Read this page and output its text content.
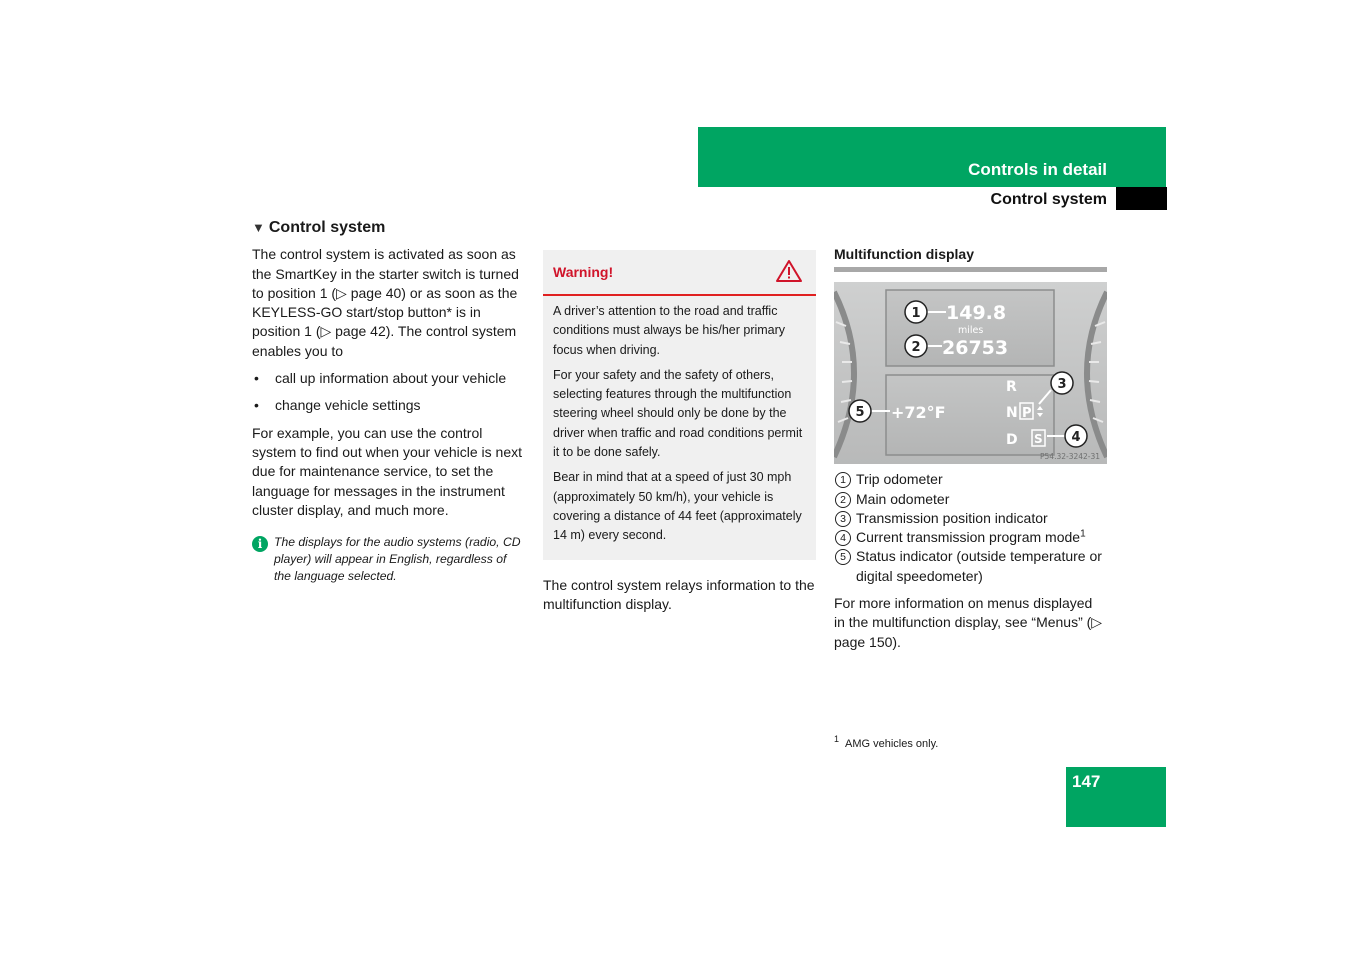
Controls in detail
Control system
▼ Control system

The control system is activated as soon as the SmartKey in the starter switch is turned to position 1 (▷ page 40) or as soon as the KEYLESS-GO start/stop button* is in position 1 (▷ page 42). The control system enables you to

• call up information about your vehicle
• change vehicle settings

For example, you can use the control system to find out when your vehicle is next due for maintenance service, to set the language for messages in the instrument cluster display, and much more.

i The displays for the audio systems (radio, CD player) will appear in English, regardless of the language selected.
Warning!

A driver’s attention to the road and traffic conditions must always be his/her primary focus when driving.

For your safety and the safety of others, selecting features through the multifunction steering wheel should only be done by the driver when traffic and road conditions permit it to be done safely.

Bear in mind that at a speed of just 30 mph (approximately 50 km/h), your vehicle is covering a distance of 44 feet (approximately 14 m) every second.

The control system relays information to the multifunction display.

Multifunction display
149.8
miles
26753
+72°F
R
N P
D S
1
2
3
4
5
P54.32-3242-31
1 Trip odometer
2 Main odometer
3 Transmission position indicator
4 Current transmission program mode$^1$
5 Status indicator (outside temperature or digital speedometer)

For more information on menus displayed in the multifunction display, see “Menus” (▷ page 150).

$^1$ AMG vehicles only.
147
